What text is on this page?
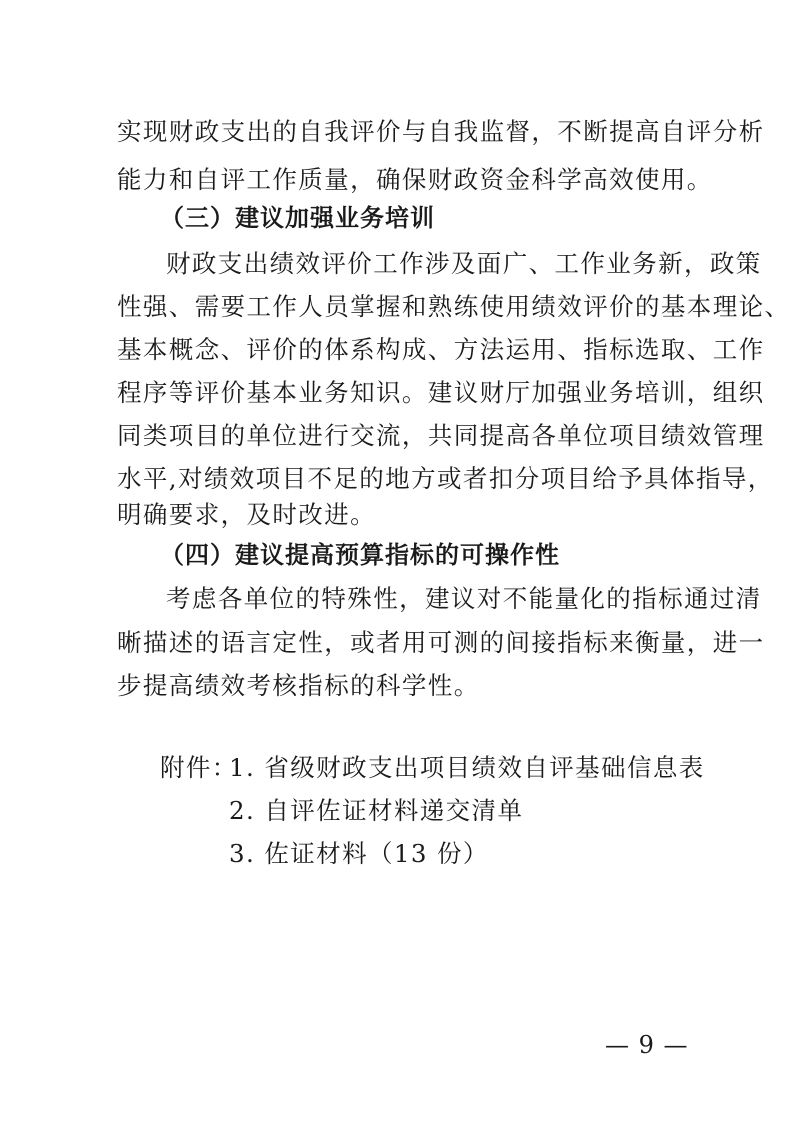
实现财政支出的自我评价与自我监督，不断提高自评分析
能力和自评工作质量，确保财政资金科学高效使用。
（三）建议加强业务培训
财政支出绩效评价工作涉及面广、工作业务新，政策
性强、需要工作人员掌握和熟练使用绩效评价的基本理论、
基本概念、评价的体系构成、方法运用、指标选取、工作
程序等评价基本业务知识。建议财厅加强业务培训，组织
同类项目的单位进行交流，共同提高各单位项目绩效管理
水平,对绩效项目不足的地方或者扣分项目给予具体指导，
明确要求，及时改进。
（四）建议提高预算指标的可操作性
考虑各单位的特殊性，建议对不能量化的指标通过清
晰描述的语言定性，或者用可测的间接指标来衡量，进一
步提高绩效考核指标的科学性。
附件：
1. 省级财政支出项目绩效自评基础信息表
2. 自评佐证材料递交清单
3. 佐证材料（13 份）
— 9 —
